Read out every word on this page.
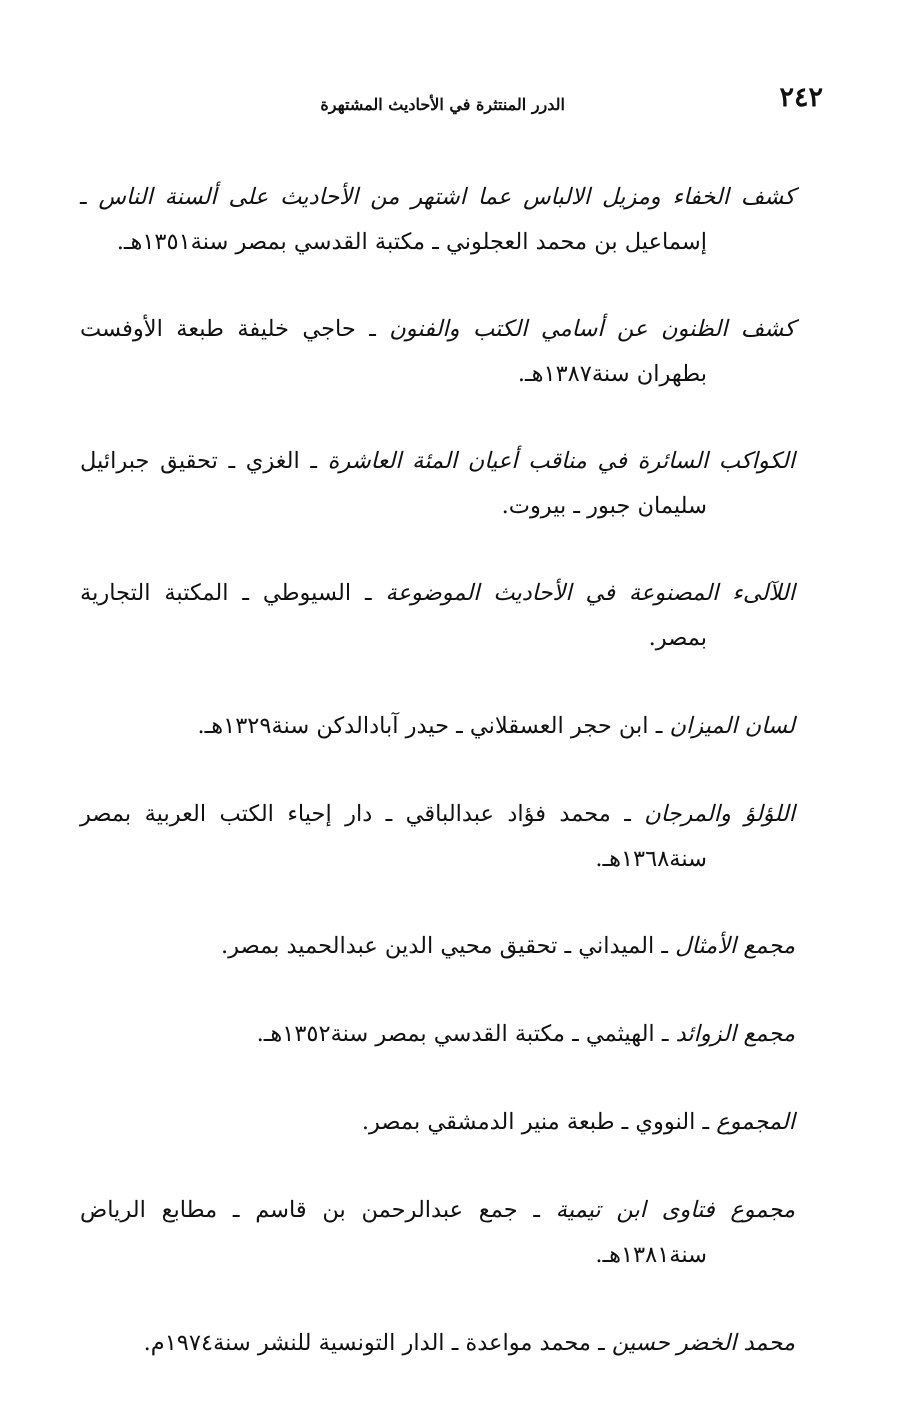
٢٤٢
الدرر المنتثرة في الأحاديث المشتهرة

كشف الخفاء ومزيل الالباس عما اشتهر من الأحاديث على ألسنة الناس ـ إسماعيل بن محمد العجلوني ـ مكتبة القدسي بمصر سنة١٣٥١هـ.

كشف الظنون عن أسامي الكتب والفنون ـ حاجي خليفة طبعة الأوفست بطهران سنة١٣٨٧هـ.

الكواكب السائرة في مناقب أعيان المئة العاشرة ـ الغزي ـ تحقيق جبرائيل سليمان جبور ـ بيروت.

اللآلىء المصنوعة في الأحاديث الموضوعة ـ السيوطي ـ المكتبة التجارية بمصر.

لسان الميزان ـ ابن حجر العسقلاني ـ حيدر آبادالدكن سنة١٣٢٩هـ.

اللؤلؤ والمرجان ـ محمد فؤاد عبدالباقي ـ دار إحياء الكتب العربية بمصر سنة١٣٦٨هـ.

مجمع الأمثال ـ الميداني ـ تحقيق محيي الدين عبدالحميد بمصر.

مجمع الزوائد ـ الهيثمي ـ مكتبة القدسي بمصر سنة١٣٥٢هـ.

المجموع ـ النووي ـ طبعة منير الدمشقي بمصر.

مجموع فتاوى ابن تيمية ـ جمع عبدالرحمن بن قاسم ـ مطابع الرياض سنة١٣٨١هـ.

محمد الخضر حسين ـ محمد مواعدة ـ الدار التونسية للنشر سنة١٩٧٤م.
